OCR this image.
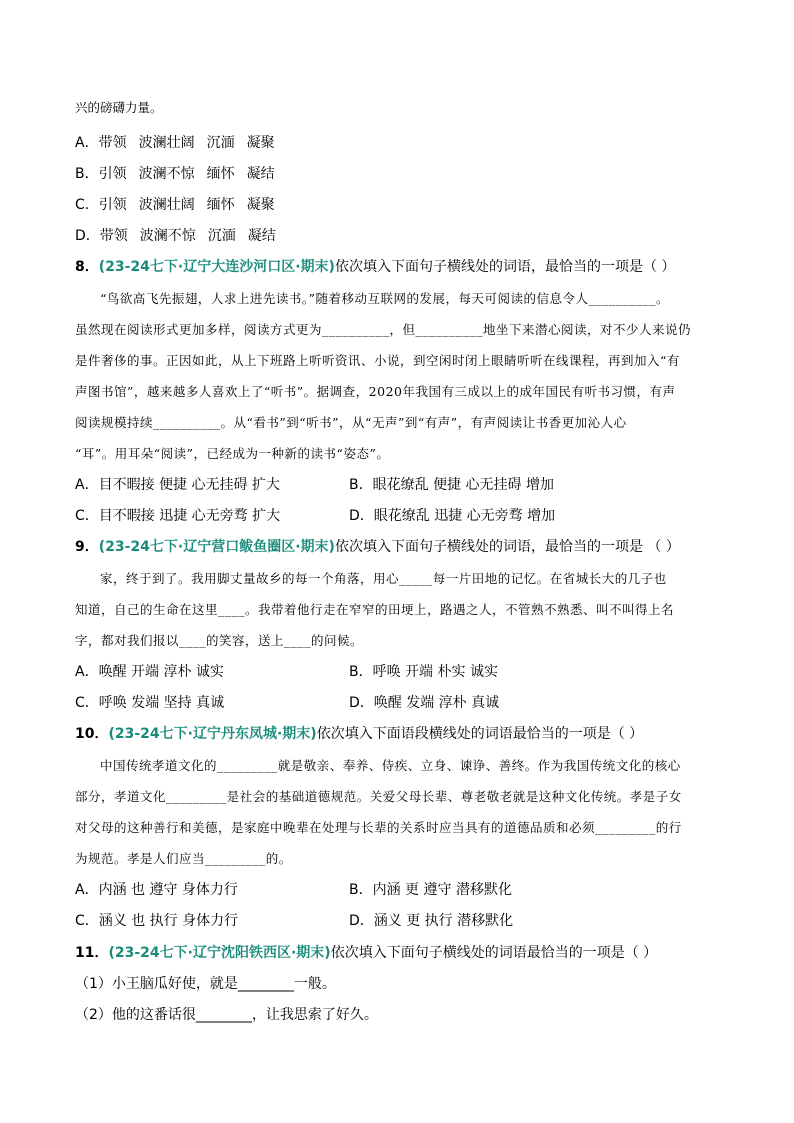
兴的磅礴力量。
A．带领 波澜壮阔 沉湎 凝聚
B．引领 波澜不惊 缅怀 凝结
C．引领 波澜壮阔 缅怀 凝聚
D．带领 波澜不惊 沉湎 凝结
8．(23-24七下·辽宁大连沙河口区·期末)依次填入下面句子横线处的词语，最恰当的一项是（ ）
“鸟欲高飞先振翅，人求上进先读书。”随着移动互联网的发展，每天可阅读的信息令人__________。
虽然现在阅读形式更加多样，阅读方式更为__________，但__________地坐下来潜心阅读，对不少人来说仍
是件奢侈的事。正因如此，从上下班路上听听资讯、小说，到空闲时闭上眼睛听听在线课程，再到加入“有
声图书馆”，越来越多人喜欢上了“听书”。据调查，2020年我国有三成以上的成年国民有听书习惯，有声
阅读规模持续__________。从“看书”到“听书”，从“无声”到“有声”，有声阅读让书香更加沁人心
“耳”。用耳朵“阅读”，已经成为一种新的读书“姿态”。
A．目不暇接 便捷 心无挂碍 扩大	B．眼花缭乱 便捷 心无挂碍 增加
C．目不暇接 迅捷 心无旁骛 扩大	D．眼花缭乱 迅捷 心无旁骛 增加
9．(23-24七下·辽宁营口鲅鱼圈区·期末)依次填入下面句子横线处的词语，最恰当的一项是 （ ）
家，终于到了。我用脚丈量故乡的每一个角落，用心_____每一片田地的记忆。在省城长大的几子也
知道，自己的生命在这里____。我带着他行走在窄窄的田埂上，路遇之人，不管熟不熟悉、叫不叫得上名
字，都对我们报以____的笑容，送上____的问候。
A．唤醒 开端 淳朴 诚实	B．呼唤 开端 朴实 诚实
C．呼唤 发端 坚持 真诚	D．唤醒 发端 淳朴 真诚
10．(23-24七下·辽宁丹东凤城·期末)依次填入下面语段横线处的词语最恰当的一项是（ ）
中国传统孝道文化的_________就是敬亲、奉养、侍疾、立身、谏诤、善终。作为我国传统文化的核心
部分，孝道文化_________是社会的基础道德规范。关爱父母长辈、尊老敬老就是这种文化传统。孝是子女
对父母的这种善行和美德，是家庭中晚辈在处理与长辈的关系时应当具有的道德品质和必须_________的行
为规范。孝是人们应当_________的。
A．内涵 也 遵守 身体力行	B．内涵 更 遵守 潜移默化
C．涵义 也 执行 身体力行	D．涵义 更 执行 潜移默化
11．(23-24七下·辽宁沈阳铁西区·期末)依次填入下面句子横线处的词语最恰当的一项是（ ）
（1）小王脑瓜好使，就是________一般。
（2）他的这番话很________，让我思索了好久。
